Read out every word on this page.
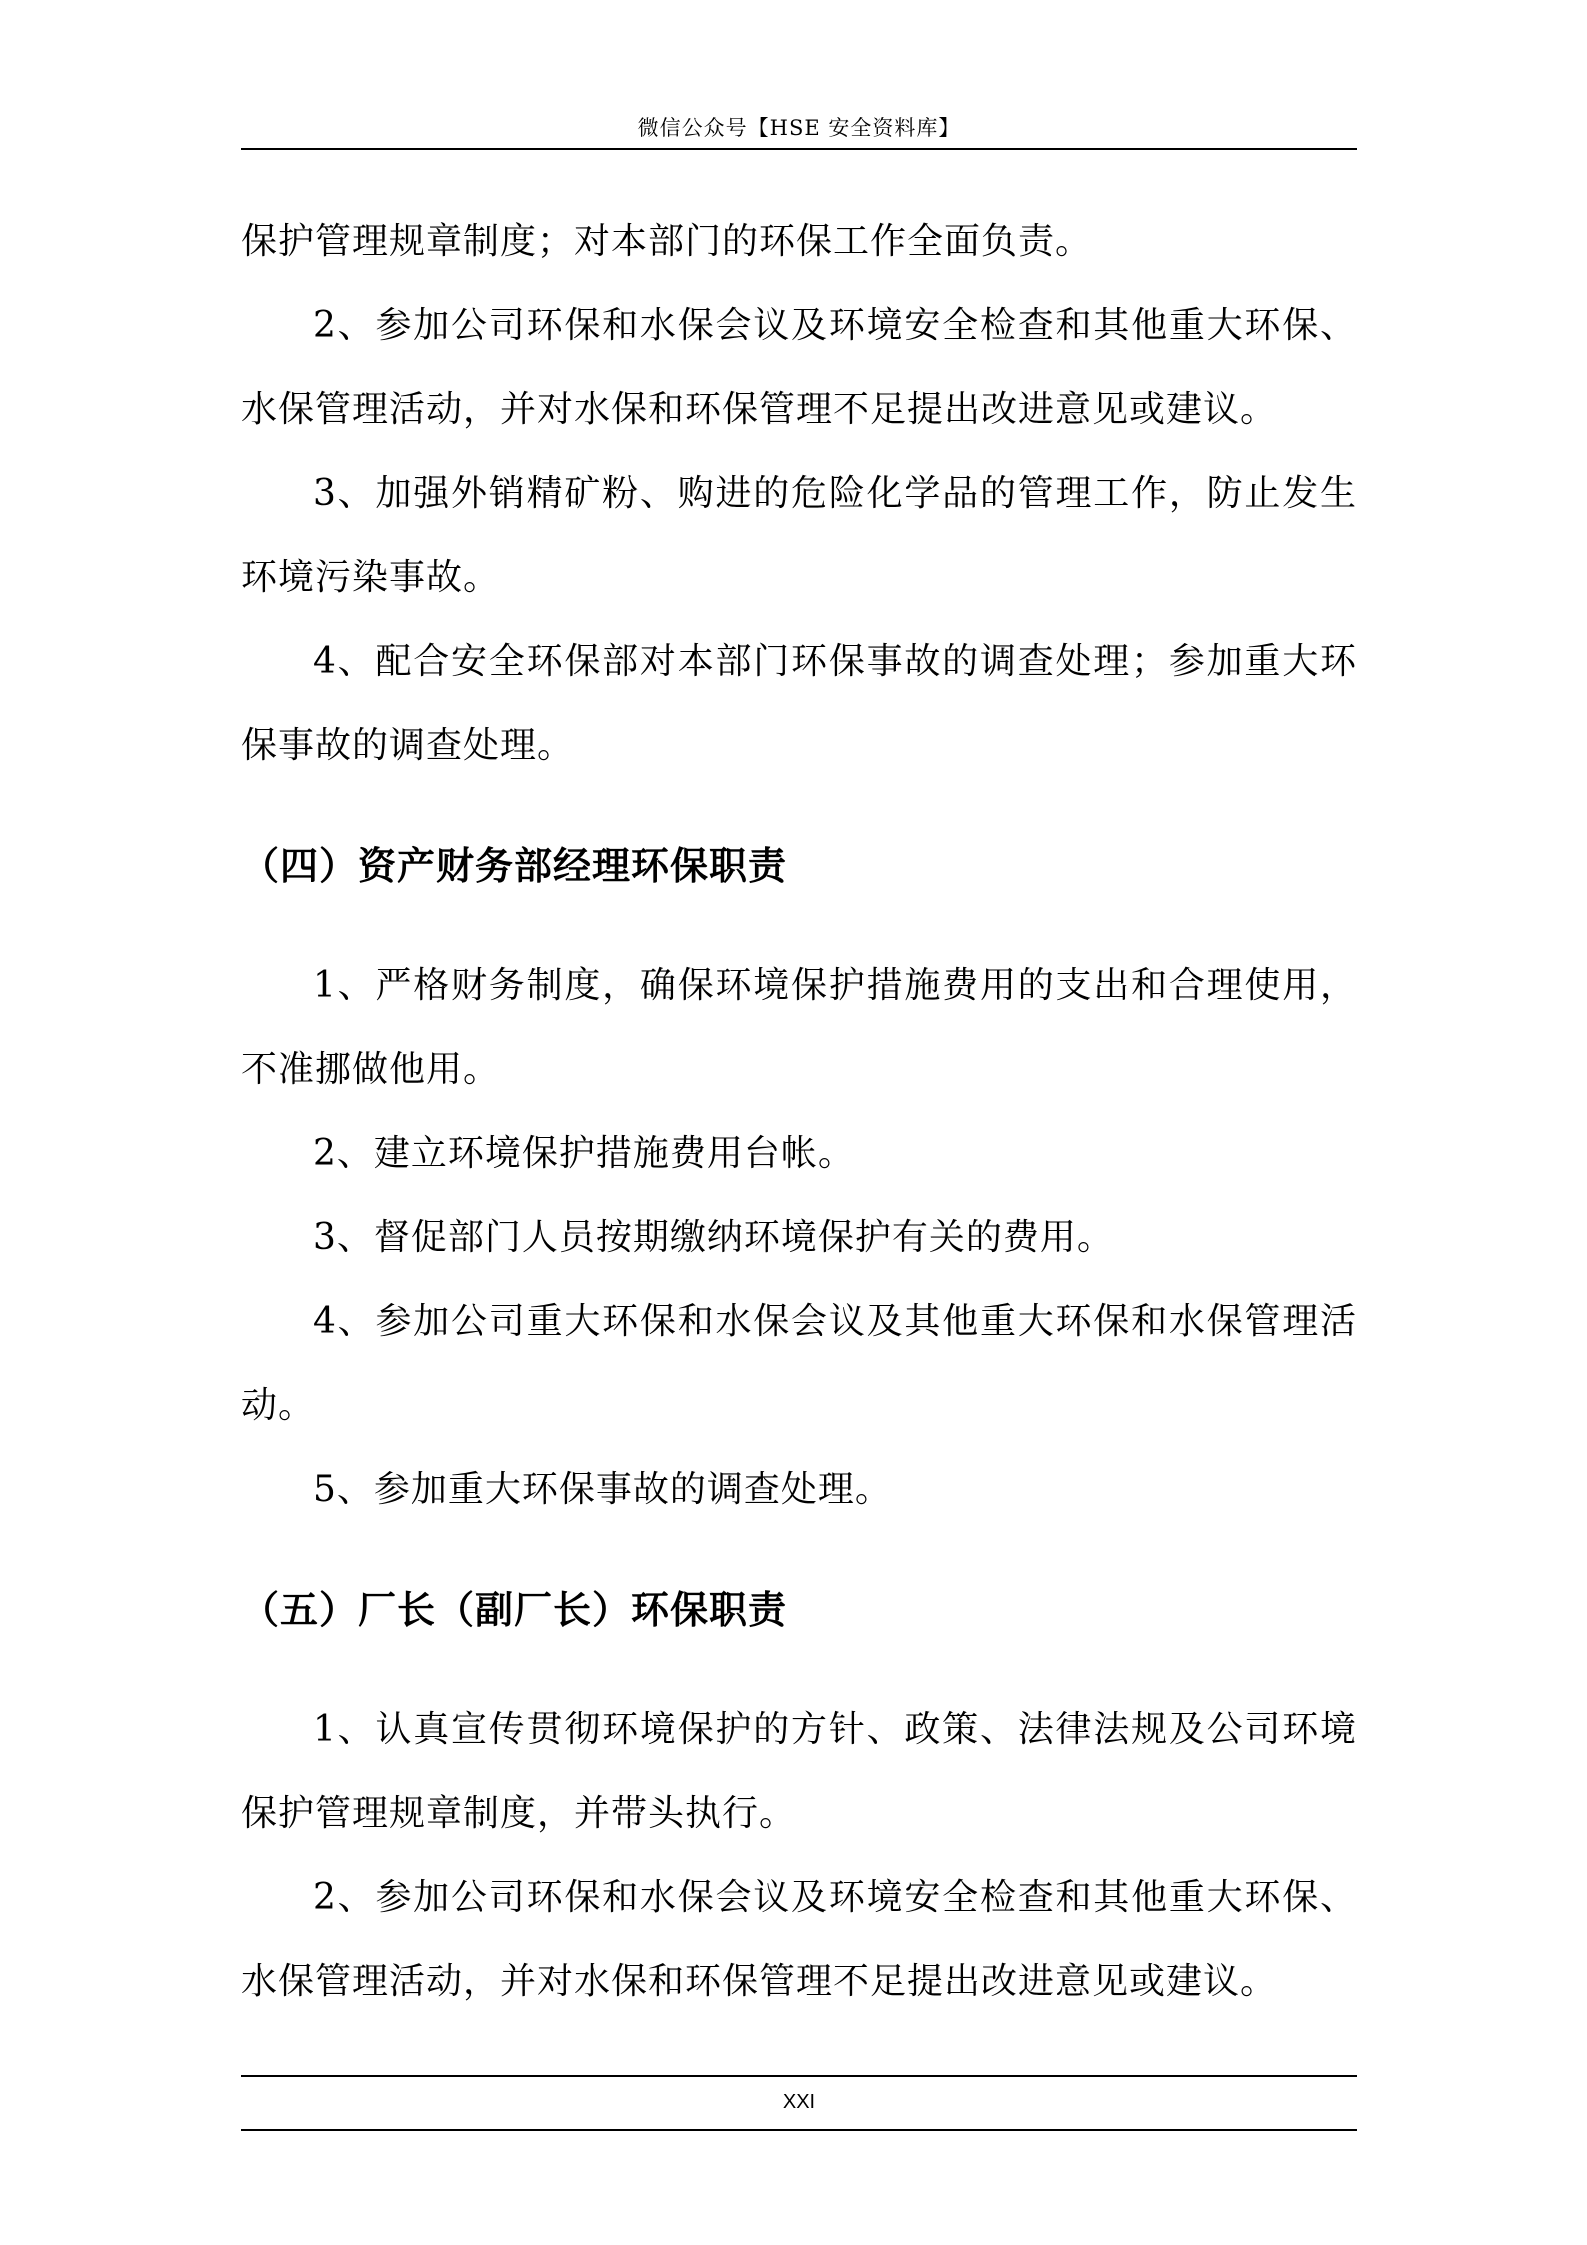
微信公众号【HSE 安全资料库】

保护管理规章制度；对本部门的环保工作全面负责。

2、参加公司环保和水保会议及环境安全检查和其他重大环保、水保管理活动，并对水保和环保管理不足提出改进意见或建议。

3、加强外销精矿粉、购进的危险化学品的管理工作，防止发生环境污染事故。

4、配合安全环保部对本部门环保事故的调查处理；参加重大环保事故的调查处理。

（四）资产财务部经理环保职责

1、严格财务制度，确保环境保护措施费用的支出和合理使用，不准挪做他用。

2、建立环境保护措施费用台帐。

3、督促部门人员按期缴纳环境保护有关的费用。

4、参加公司重大环保和水保会议及其他重大环保和水保管理活动。

5、参加重大环保事故的调查处理。

（五）厂长（副厂长）环保职责

1、认真宣传贯彻环境保护的方针、政策、法律法规及公司环境保护管理规章制度，并带头执行。

2、参加公司环保和水保会议及环境安全检查和其他重大环保、水保管理活动，并对水保和环保管理不足提出改进意见或建议。

XXI
